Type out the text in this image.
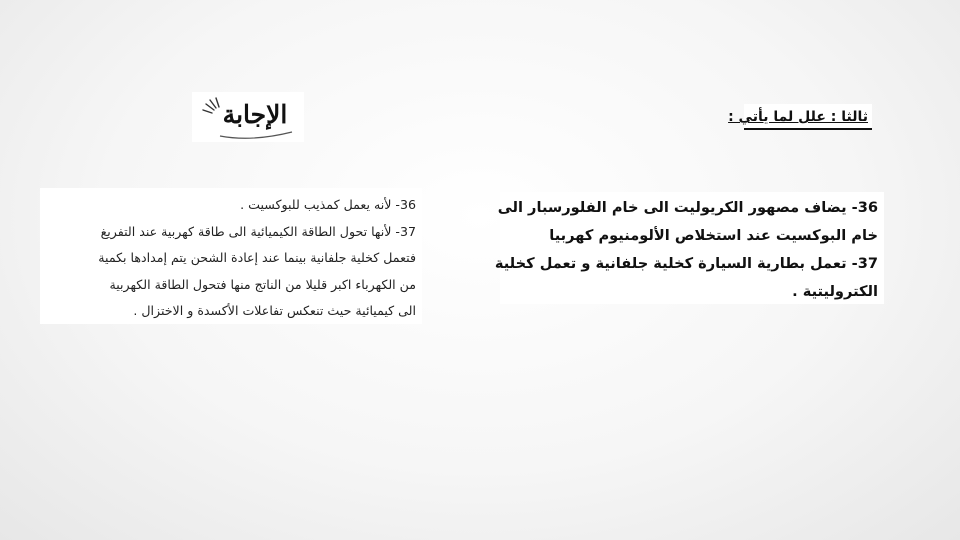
ثالثا : علل لما يأتي :
الإجابة

36- يضاف مصهور الكريوليت الى خام الفلورسبار الى
خام البوكسيت عند استخلاص الألومنيوم كهربيا
37- تعمل بطارية السيارة كخلية جلفانية و تعمل كخلية
الكتروليتية .

36- لأنه يعمل كمذيب للبوكسيت .
37- لأنها تحول الطاقة الكيميائية الى طاقة كهربية عند التفريغ
فتعمل كخلية جلفانية بينما عند إعادة الشحن يتم إمدادها بكمية
من الكهرباء اكبر قليلا من الناتج منها فتحول الطاقة الكهربية
الى كيميائية حيث تنعكس تفاعلات الأكسدة و الاختزال .
